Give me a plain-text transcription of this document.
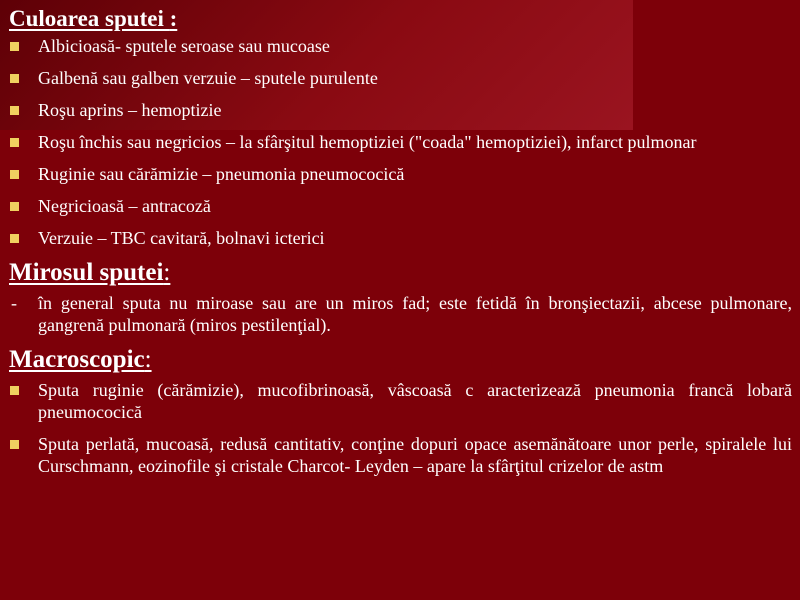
Culoarea sputei :
Albicioasă- sputele seroase sau mucoase
Galbenă sau galben verzuie – sputele purulente
Roşu aprins – hemoptizie
Roşu închis sau negricios – la sfârşitul hemoptiziei ("coada" hemoptiziei), infarct pulmonar
Ruginie sau cărămizie – pneumonia pneumococică
Negricioasă – antracoză
Verzuie – TBC cavitară, bolnavi icterici
Mirosul sputei:
- în general sputa nu miroase sau are un miros fad; este fetidă în bronşiectazii, abcese pulmonare, gangrenă pulmonară (miros pestilenţial).
Macroscopic:
Sputa ruginie (cărămizie), mucofibrinoasă, vâscoasă c aracterizează pneumonia francă lobară pneumococică
Sputa perlată, mucoasă, redusă cantitativ, conţine dopuri opace asemănătoare unor perle, spiralele lui Curschmann, eozinofile şi cristale Charcot- Leyden – apare la sfârţitul crizelor de astm
